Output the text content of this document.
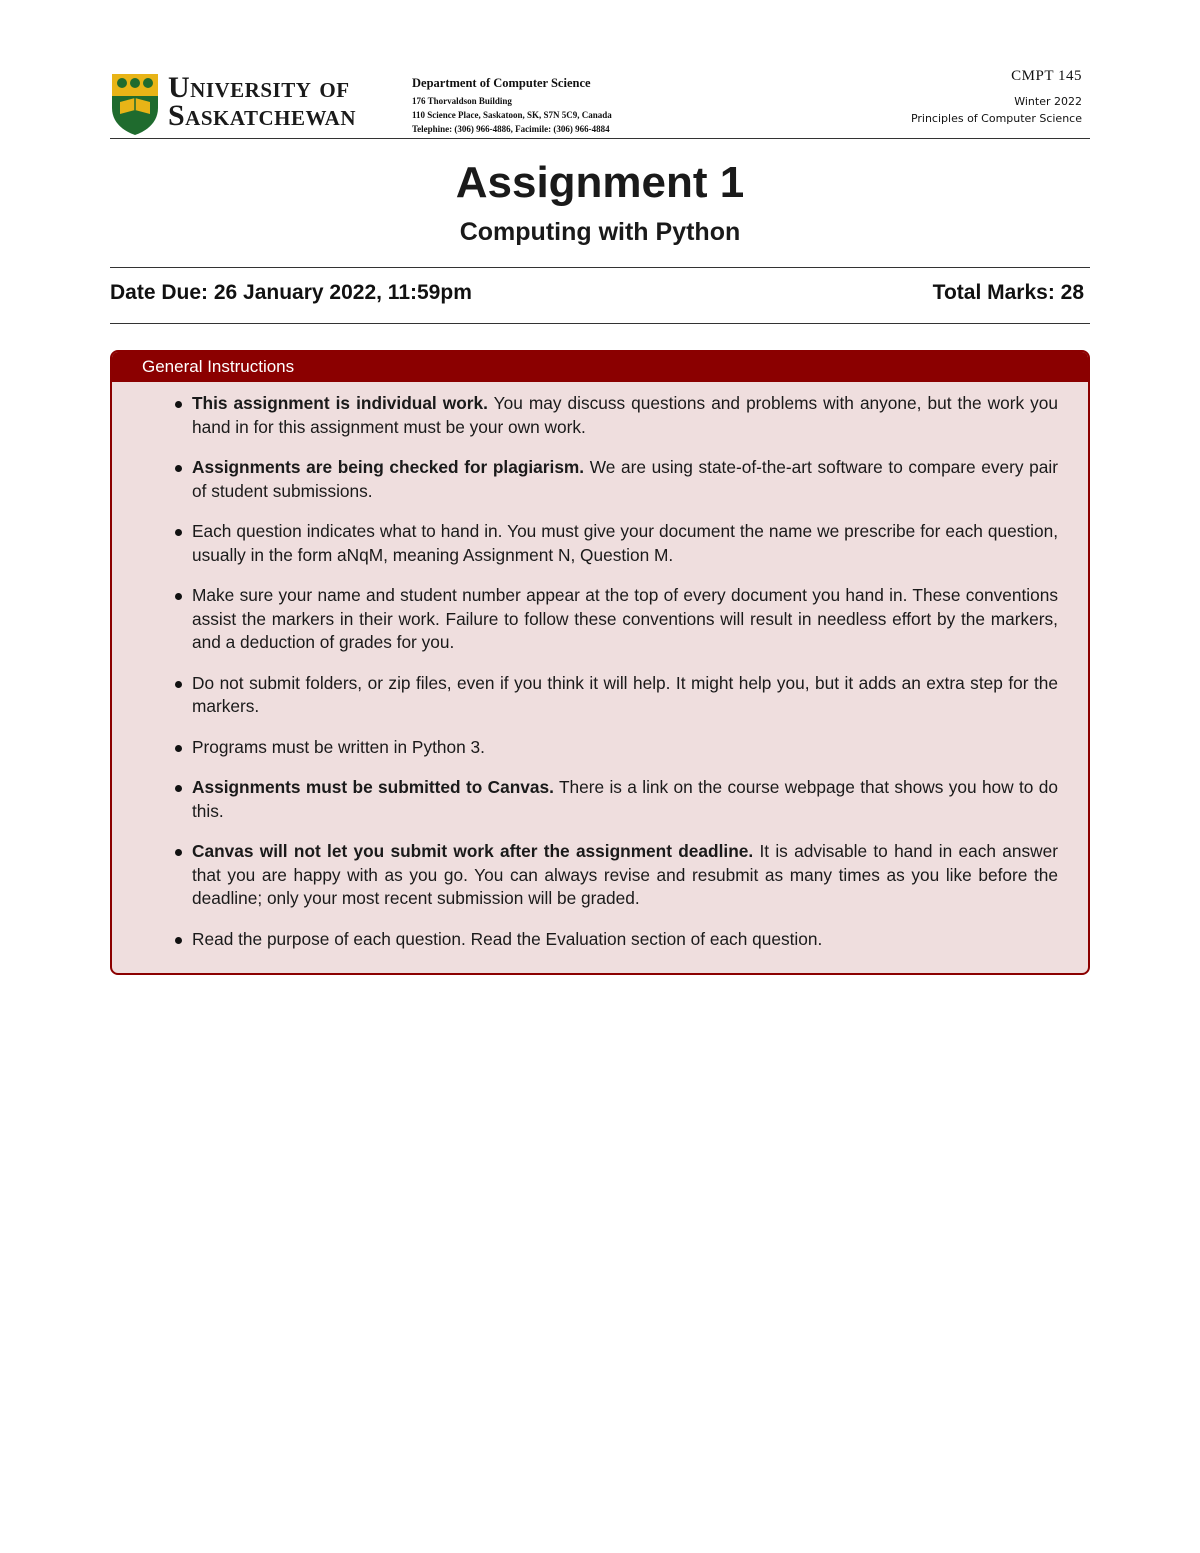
University of
Saskatchewan
Department of Computer Science
176 Thorvaldson Building
110 Science Place, Saskatoon, SK, S7N 5C9, Canada
Telephine: (306) 966-4886, Facimile: (306) 966-4884
CMPT 145
Winter 2022
Principles of Computer Science
Assignment 1
Computing with Python
Date Due: 26 January 2022, 11:59pm	Total Marks: 28
General Instructions
This assignment is individual work. You may discuss questions and problems with anyone, but the work you hand in for this assignment must be your own work.
Assignments are being checked for plagiarism. We are using state-of-the-art software to compare every pair of student submissions.
Each question indicates what to hand in. You must give your document the name we prescribe for each question, usually in the form aNqM, meaning Assignment N, Question M.
Make sure your name and student number appear at the top of every document you hand in. These conventions assist the markers in their work. Failure to follow these conventions will result in needless effort by the markers, and a deduction of grades for you.
Do not submit folders, or zip files, even if you think it will help. It might help you, but it adds an extra step for the markers.
Programs must be written in Python 3.
Assignments must be submitted to Canvas. There is a link on the course webpage that shows you how to do this.
Canvas will not let you submit work after the assignment deadline. It is advisable to hand in each answer that you are happy with as you go. You can always revise and resubmit as many times as you like before the deadline; only your most recent submission will be graded.
Read the purpose of each question. Read the Evaluation section of each question.
